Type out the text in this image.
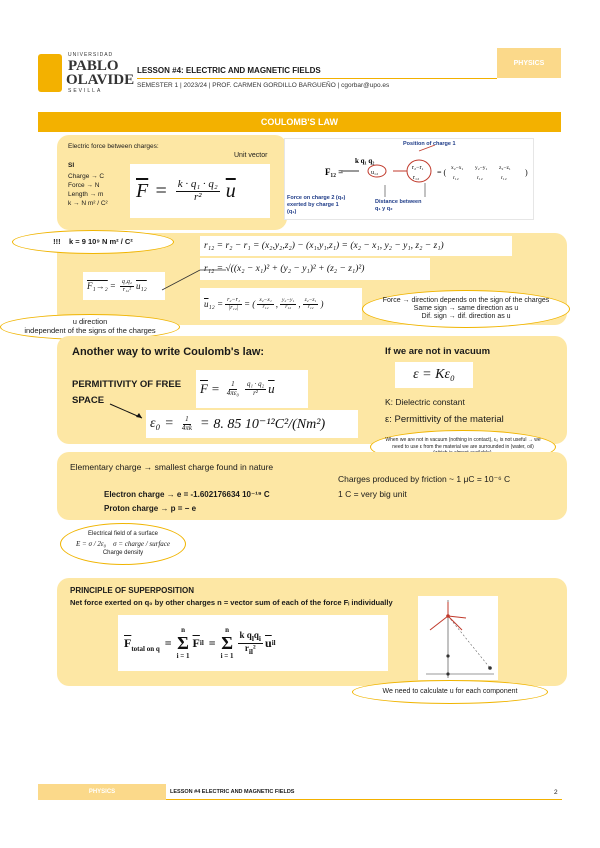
UNIVERSIDAD
PABLO
OLAVIDE
SEVILLA
LESSON #4: ELECTRIC AND MAGNETIC FIELDS
SEMESTER 1 | 2023/24 | PROF. CARMEN GORDILLO BARGUEÑO | cgorbar@upo.es
PHYSICS
COULOMB'S LAW
Electric force between charges:
SI
Charge → C
Force → N
Length → m
k → N m² / C²
Unit vector
$\overline{F} = \frac{\text{k · q₁ · q₂}}{\text{r²}} \overline{u}$
F₁₂ =
k q₁ q₂
u₁₂
r₂−r₁
r₁₂
= ( x₂−x₁
r₁₂
y₂−y₁
r₁₂
z₂−z₁
r₁₂
)
Position of charge 1
Force on charge 2 (q₂) exerted by charge 1 (q₁)
Distance between q₁ y q₂
!!! k = 9 10⁹ N m² / C²	r₁₂ = r₂ − r₁ = (x₂,y₂,z₂) − (x₁,y₁,z₁) = (x₂ − x₁, y₂ − y₁, z₂ − z₁)
r₁₂ = √((x₂ − x₁)² + (y₂ − y₁)² + (z₂ − z₁)²)
$F_1\to_2 = \frac{\text{q₁q₂}}{\text{r₁₂²}} u_{12}$
$\overline{u}$ $_{12} = \frac{\text{r₂−r₁}}{\text{|r₁₂|}}$ = ( $\frac{\text{x₂−x₁}}{\text{r₁₂}}$ , $\frac{\text{y₂−y₁}}{\text{r₁₂}}$ , $\frac{\text{z₂−z₁}}{\text{r₁₂}}$ )	Force → direction depends on the sign of the charges
Same sign → same direction as u
Dif. sign → dif. direction as u
u direction
independent of the signs of the charges
Another way to write Coulomb's law:
PERMITTIVITY OF FREE SPACE
$\overline{F} = \frac{1}{\text{4πε₀}} \frac{\text{q₁ · q₂}}{\text{r²}} \overline{u}$
$\varepsilon_0 = \frac{1}{4\pi k} = 8$. 85 10⁻¹²C²/(Nm²)
If we are not in vacuum
ε = Kε₀
K: Dielectric constant
ε: Permittivity of the material
When we are not in vacuum (nothing in contact), ε₀ is not useful → we need to use ε from the material we are surrounded in (water, oil)
Elementary charge → smallest charge found in nature
Charges produced by friction ~ 1 μC = 10⁻⁶ C
1 C = very big unit
Electron charge → e = -1.602176634 10⁻¹⁹ C
Proton charge → p = − e
Electrical field of a surface
E = σ / 2ε₀ σ = charge / surface
Charge density
PRINCIPLE OF SUPERPOSITION
Net force exerted on q₀ by other charges n = vector sum of each of the force Fᵢ individually
$\overline{F}$ total on q =
n
Σ
i = 1
$\overline{F}$ il =
n
Σ
i = 1
$\frac{k q_lq_i}{r_{il}^2} \overline{u}$ il
We need to calculate u for each component
PHYSICS	LESSON #4 ELECTRIC AND MAGNETIC FIELDS	2
